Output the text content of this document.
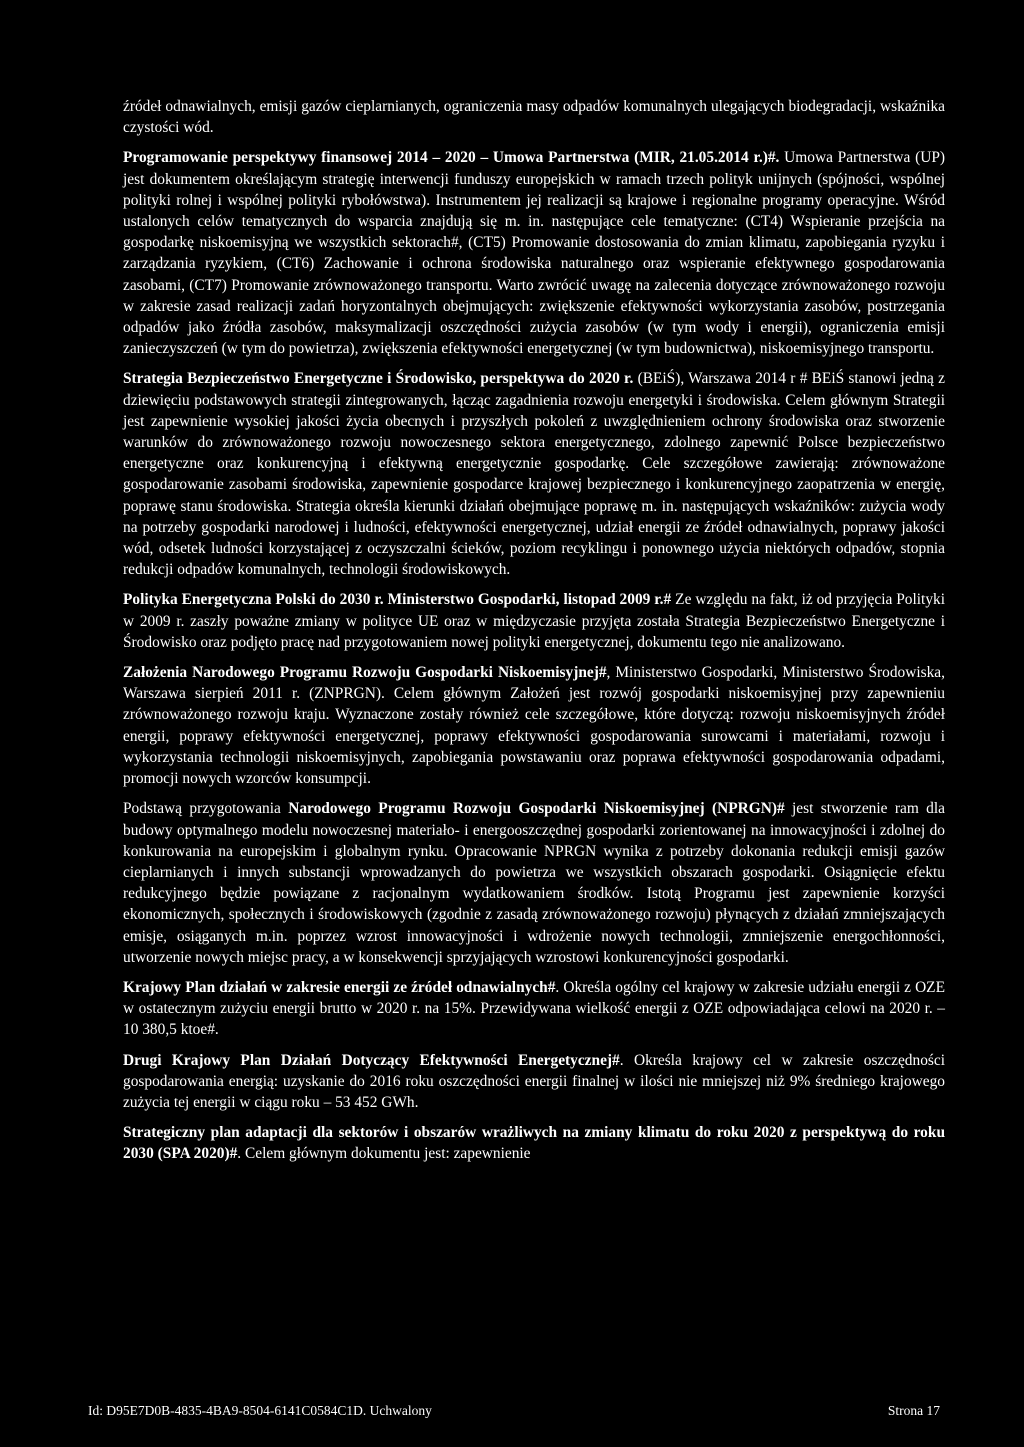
źródeł odnawialnych, emisji gazów cieplarnianych, ograniczenia masy odpadów komunalnych ulegających biodegradacji, wskaźnika czystości wód.

Programowanie perspektywy finansowej 2014 – 2020 – Umowa Partnerstwa (MIR, 21.05.2014 r.)#. Umowa Partnerstwa (UP) jest dokumentem określającym strategię interwencji funduszy europejskich w ramach trzech polityk unijnych (spójności, wspólnej polityki rolnej i wspólnej polityki rybołówstwa). Instrumentem jej realizacji są krajowe i regionalne programy operacyjne. Wśród ustalonych celów tematycznych do wsparcia znajdują się m. in. następujące cele tematyczne: (CT4) Wspieranie przejścia na gospodarkę niskoemisyjną we wszystkich sektorach#, (CT5) Promowanie dostosowania do zmian klimatu, zapobiegania ryzyku i zarządzania ryzykiem, (CT6) Zachowanie i ochrona środowiska naturalnego oraz wspieranie efektywnego gospodarowania zasobami, (CT7) Promowanie zrównoważonego transportu. Warto zwrócić uwagę na zalecenia dotyczące zrównoważonego rozwoju w zakresie zasad realizacji zadań horyzontalnych obejmujących: zwiększenie efektywności wykorzystania zasobów, postrzegania odpadów jako źródła zasobów, maksymalizacji oszczędności zużycia zasobów (w tym wody i energii), ograniczenia emisji zanieczyszczeń (w tym do powietrza), zwiększenia efektywności energetycznej (w tym budownictwa), niskoemisyjnego transportu.

Strategia Bezpieczeństwo Energetyczne i Środowisko, perspektywa do 2020 r. (BEiŚ), Warszawa 2014 r # BEiŚ stanowi jedną z dziewięciu podstawowych strategii zintegrowanych, łącząc zagadnienia rozwoju energetyki i środowiska. Celem głównym Strategii jest zapewnienie wysokiej jakości życia obecnych i przyszłych pokoleń z uwzględnieniem ochrony środowiska oraz stworzenie warunków do zrównoważonego rozwoju nowoczesnego sektora energetycznego, zdolnego zapewnić Polsce bezpieczeństwo energetyczne oraz konkurencyjną i efektywną energetycznie gospodarkę. Cele szczegółowe zawierają: zrównoważone gospodarowanie zasobami środowiska, zapewnienie gospodarce krajowej bezpiecznego i konkurencyjnego zaopatrzenia w energię, poprawę stanu środowiska. Strategia określa kierunki działań obejmujące poprawę m. in. następujących wskaźników: zużycia wody na potrzeby gospodarki narodowej i ludności, efektywności energetycznej, udział energii ze źródeł odnawialnych, poprawy jakości wód, odsetek ludności korzystającej z oczyszczalni ścieków, poziom recyklingu i ponownego użycia niektórych odpadów, stopnia redukcji odpadów komunalnych, technologii środowiskowych.

Polityka Energetyczna Polski do 2030 r. Ministerstwo Gospodarki, listopad 2009 r.# Ze względu na fakt, iż od przyjęcia Polityki w 2009 r. zaszły poważne zmiany w polityce UE oraz w międzyczasie przyjęta została Strategia Bezpieczeństwo Energetyczne i Środowisko oraz podjęto pracę nad przygotowaniem nowej polityki energetycznej, dokumentu tego nie analizowano.

Założenia Narodowego Programu Rozwoju Gospodarki Niskoemisyjnej#, Ministerstwo Gospodarki, Ministerstwo Środowiska, Warszawa sierpień 2011 r. (ZNPRGN). Celem głównym Założeń jest rozwój gospodarki niskoemisyjnej przy zapewnieniu zrównoważonego rozwoju kraju. Wyznaczone zostały również cele szczegółowe, które dotyczą: rozwoju niskoemisyjnych źródeł energii, poprawy efektywności energetycznej, poprawy efektywności gospodarowania surowcami i materiałami, rozwoju i wykorzystania technologii niskoemisyjnych, zapobiegania powstawaniu oraz poprawa efektywności gospodarowania odpadami, promocji nowych wzorców konsumpcji.

Podstawą przygotowania Narodowego Programu Rozwoju Gospodarki Niskoemisyjnej (NPRGN)# jest stworzenie ram dla budowy optymalnego modelu nowoczesnej materiało- i energooszczędnej gospodarki zorientowanej na innowacyjności i zdolnej do konkurowania na europejskim i globalnym rynku. Opracowanie NPRGN wynika z potrzeby dokonania redukcji emisji gazów cieplarnianych i innych substancji wprowadzanych do powietrza we wszystkich obszarach gospodarki. Osiągnięcie efektu redukcyjnego będzie powiązane z racjonalnym wydatkowaniem środków. Istotą Programu jest zapewnienie korzyści ekonomicznych, społecznych i środowiskowych (zgodnie z zasadą zrównoważonego rozwoju) płynących z działań zmniejszających emisje, osiąganych m.in. poprzez wzrost innowacyjności i wdrożenie nowych technologii, zmniejszenie energochłonności, utworzenie nowych miejsc pracy, a w konsekwencji sprzyjających wzrostowi konkurencyjności gospodarki.

Krajowy Plan działań w zakresie energii ze źródeł odnawialnych#. Określa ogólny cel krajowy w zakresie udziału energii z OZE w ostatecznym zużyciu energii brutto w 2020 r. na 15%. Przewidywana wielkość energii z OZE odpowiadająca celowi na 2020 r. – 10 380,5 ktoe#.

Drugi Krajowy Plan Działań Dotyczący Efektywności Energetycznej#. Określa krajowy cel w zakresie oszczędności gospodarowania energią: uzyskanie do 2016 roku oszczędności energii finalnej w ilości nie mniejszej niż 9% średniego krajowego zużycia tej energii w ciągu roku – 53 452 GWh.

Strategiczny plan adaptacji dla sektorów i obszarów wrażliwych na zmiany klimatu do roku 2020 z perspektywą do roku 2030 (SPA 2020)#. Celem głównym dokumentu jest: zapewnienie

Id: D95E7D0B-4835-4BA9-8504-6141C0584C1D. Uchwalony	Strona 17
